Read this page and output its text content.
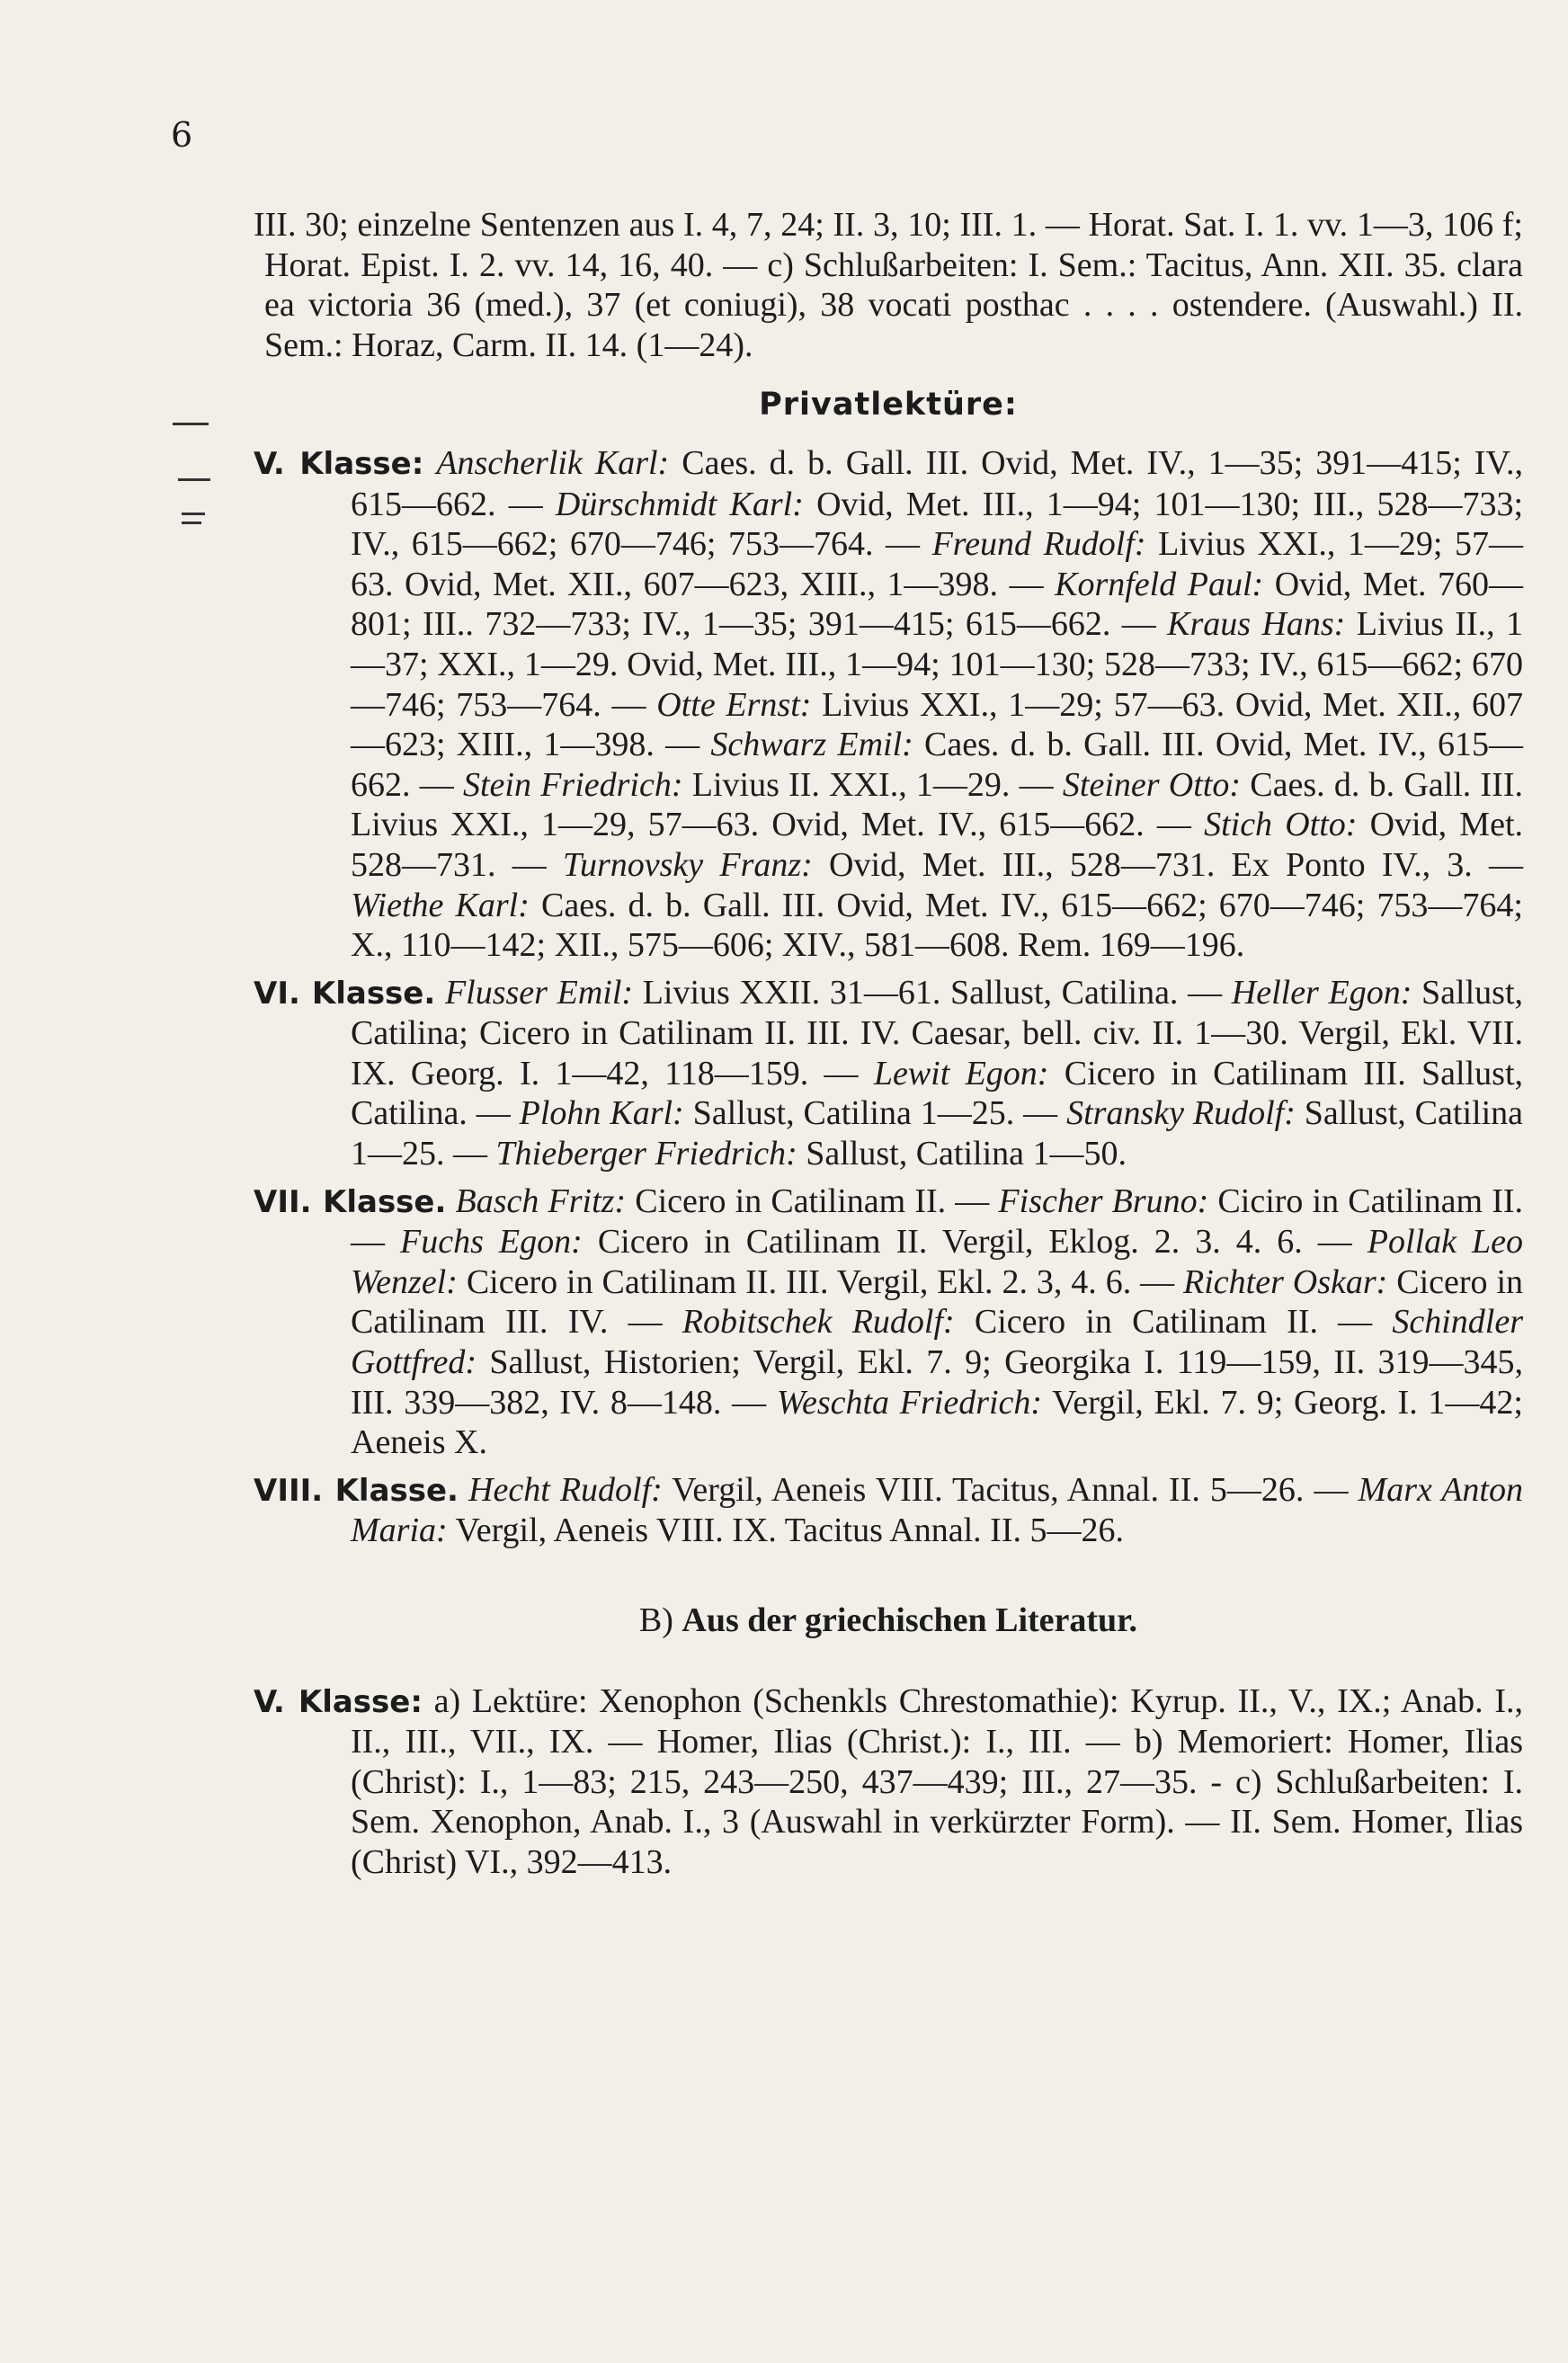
6

III. 30; einzelne Sentenzen aus I. 4, 7, 24; II. 3, 10; III. 1. — Horat. Sat. I. 1. vv. 1—3, 106 f; Horat. Epist. I. 2. vv. 14, 16, 40. — c) Schlußarbeiten: I. Sem.: Tacitus, Ann. XII. 35. clara ea victoria 36 (med.), 37 (et coniugi), 38 vocati posthac . . . . ostendere. (Auswahl.) II. Sem.: Horaz, Carm. II. 14. (1—24).

Privatlektüre:

V. Klasse: Anscherlik Karl: Caes. d. b. Gall. III. Ovid, Met. IV., 1—35; 391—415; IV., 615—662. — Dürschmidt Karl: Ovid, Met. III., 1—94; 101—130; III., 528—733; IV., 615—662; 670—746; 753—764. — Freund Rudolf: Livius XXI., 1—29; 57—63. Ovid, Met. XII., 607—623, XIII., 1—398. — Kornfeld Paul: Ovid, Met. 760—801; III.. 732—733; IV., 1—35; 391—415; 615—662. — Kraus Hans: Livius II., 1—37; XXI., 1—29. Ovid, Met. III., 1—94; 101—130; 528—733; IV., 615—662; 670—746; 753—764. — Otte Ernst: Livius XXI., 1—29; 57—63. Ovid, Met. XII., 607—623; XIII., 1—398. — Schwarz Emil: Caes. d. b. Gall. III. Ovid, Met. IV., 615—662. — Stein Friedrich: Livius II. XXI., 1—29. — Steiner Otto: Caes. d. b. Gall. III. Livius XXI., 1—29, 57—63. Ovid, Met. IV., 615—662. — Stich Otto: Ovid, Met. 528—731. — Turnovsky Franz: Ovid, Met. III., 528—731. Ex Ponto IV., 3. — Wiethe Karl: Caes. d. b. Gall. III. Ovid, Met. IV., 615—662; 670—746; 753—764; X., 110—142; XII., 575—606; XIV., 581—608. Rem. 169—196.

VI. Klasse. Flusser Emil: Livius XXII. 31—61. Sallust, Catilina. — Heller Egon: Sallust, Catilina; Cicero in Catilinam II. III. IV. Caesar, bell. civ. II. 1—30. Vergil, Ekl. VII. IX. Georg. I. 1—42, 118—159. — Lewit Egon: Cicero in Catilinam III. Sallust, Catilina. — Plohn Karl: Sallust, Catilina 1—25. — Stransky Rudolf: Sallust, Catilina 1—25. — Thieberger Friedrich: Sallust, Catilina 1—50.

VII. Klasse. Basch Fritz: Cicero in Catilinam II. — Fischer Bruno: Ciciro in Catilinam II. — Fuchs Egon: Cicero in Catilinam II. Vergil, Eklog. 2. 3. 4. 6. — Pollak Leo Wenzel: Cicero in Catilinam II. III. Vergil, Ekl. 2. 3, 4. 6. — Richter Oskar: Cicero in Catilinam III. IV. — Robitschek Rudolf: Cicero in Catilinam II. — Schindler Gottfred: Sallust, Historien; Vergil, Ekl. 7. 9; Georgika I. 119—159, II. 319—345, III. 339—382, IV. 8—148. — Weschta Friedrich: Vergil, Ekl. 7. 9; Georg. I. 1—42; Aeneis X.

VIII. Klasse. Hecht Rudolf: Vergil, Aeneis VIII. Tacitus, Annal. II. 5—26. — Marx Anton Maria: Vergil, Aeneis VIII. IX. Tacitus Annal. II. 5—26.

B) Aus der griechischen Literatur.

V. Klasse: a) Lektüre: Xenophon (Schenkls Chrestomathie): Kyrup. II., V., IX.; Anab. I., II., III., VII., IX. — Homer, Ilias (Christ.): I., III. — b) Memoriert: Homer, Ilias (Christ): I., 1—83; 215, 243—250, 437—439; III., 27—35. - c) Schlußarbeiten: I. Sem. Xenophon, Anab. I., 3 (Auswahl in verkürzter Form). — II. Sem. Homer, Ilias (Christ) VI., 392—413.
